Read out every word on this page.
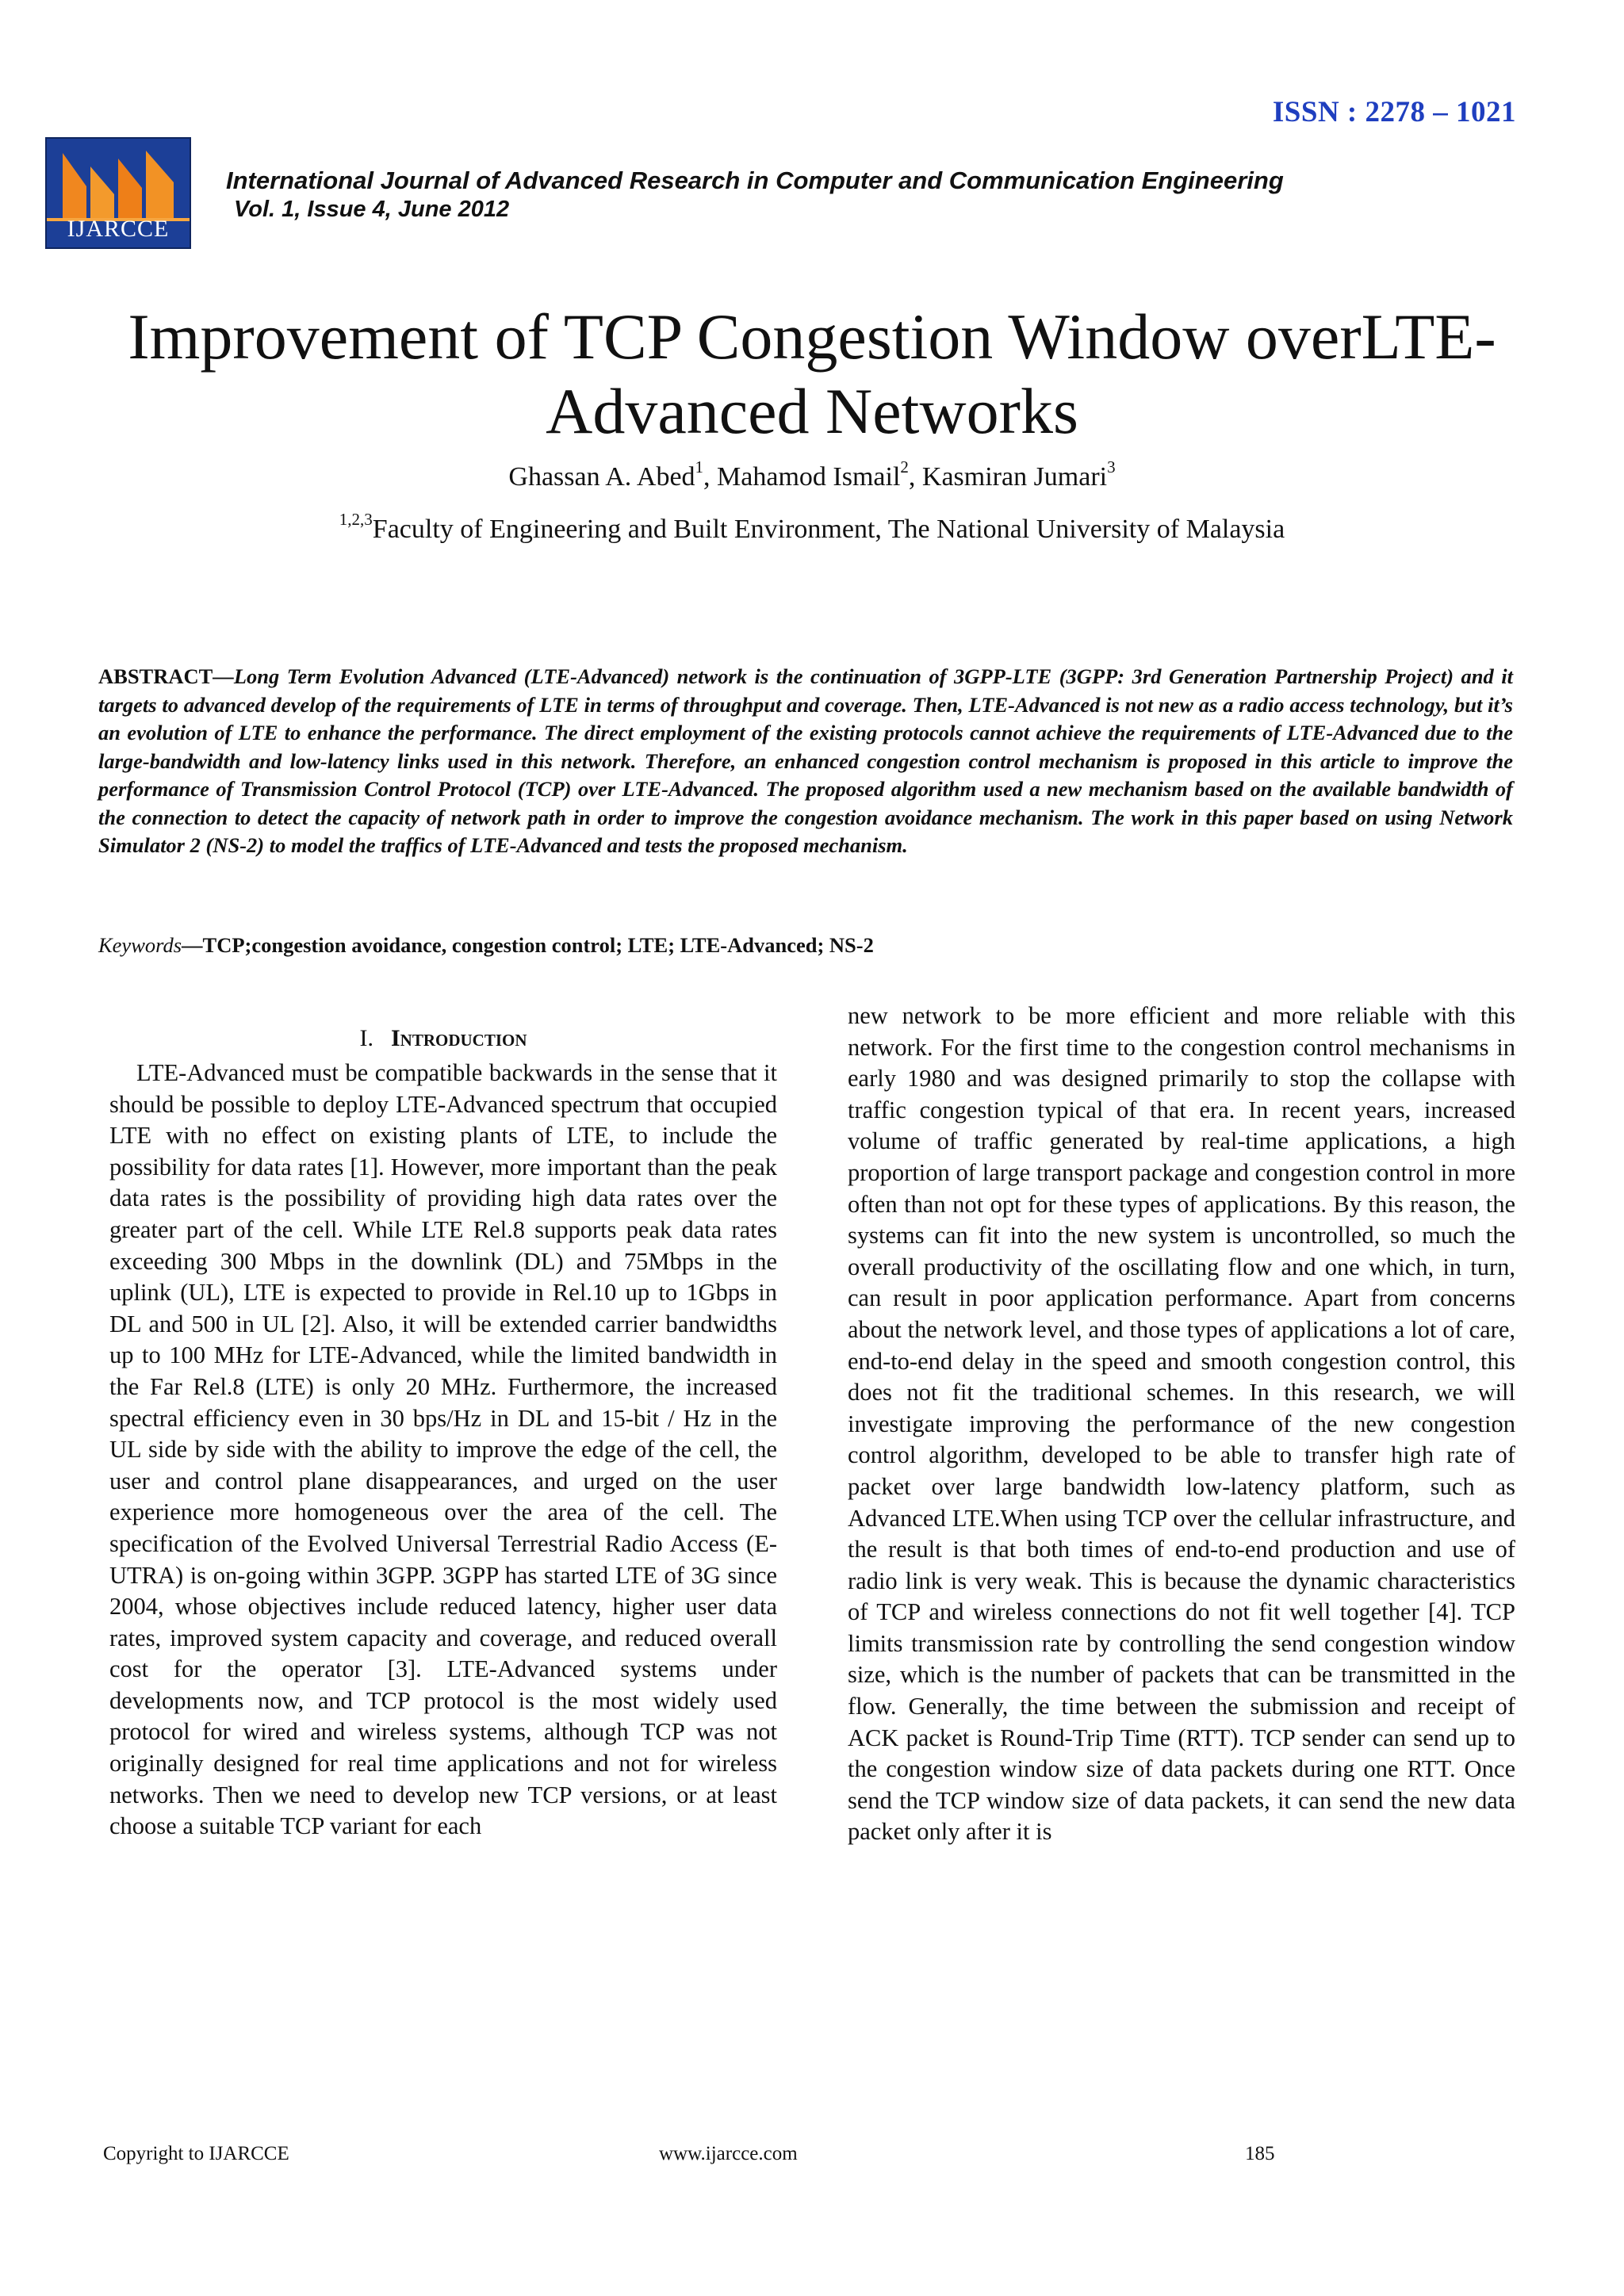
ISSN : 2278 – 1021
IJARCCE
International Journal of Advanced Research in Computer and Communication Engineering
Vol. 1, Issue 4, June 2012
Improvement of TCP Congestion Window overLTE-
Advanced Networks
Ghassan A. Abed$^1$, Mahamod Ismail$^2$, Kasmiran Jumari$^3$
$^{1,2,3}$Faculty of Engineering and Built Environment, The National University of Malaysia
ABSTRACT—Long Term Evolution Advanced (LTE-Advanced) network is the continuation of 3GPP-LTE (3GPP: 3rd Generation Partnership Project) and it targets to advanced develop of the requirements of LTE in terms of throughput and coverage. Then, LTE-Advanced is not new as a radio access technology, but it’s an evolution of LTE to enhance the performance. The direct employment of the existing protocols cannot achieve the requirements of LTE-Advanced due to the large-bandwidth and low-latency links used in this network. Therefore, an enhanced congestion control mechanism is proposed in this article to improve the performance of Transmission Control Protocol (TCP) over LTE-Advanced. The proposed algorithm used a new mechanism based on the available bandwidth of the connection to detect the capacity of network path in order to improve the congestion avoidance mechanism. The work in this paper based on using Network Simulator 2 (NS-2) to model the traffics of LTE-Advanced and tests the proposed mechanism.
Keywords—TCP;congestion avoidance, congestion control; LTE; LTE-Advanced; NS-2
I. Introduction

LTE-Advanced must be compatible backwards in the sense that it should be possible to deploy LTE-Advanced spectrum that occupied LTE with no effect on existing plants of LTE, to include the possibility for data rates [1]. However, more important than the peak data rates is the possibility of providing high data rates over the greater part of the cell. While LTE Rel.8 supports peak data rates exceeding 300 Mbps in the downlink (DL) and 75Mbps in the uplink (UL), LTE is expected to provide in Rel.10 up to 1Gbps in DL and 500 in UL [2]. Also, it will be extended carrier bandwidths up to 100 MHz for LTE-Advanced, while the limited bandwidth in the Far Rel.8 (LTE) is only 20 MHz. Furthermore, the increased spectral efficiency even in 30 bps/Hz in DL and 15-bit / Hz in the UL side by side with the ability to improve the edge of the cell, the user and control plane disappearances, and urged on the user experience more homogeneous over the area of the cell. The specification of the Evolved Universal Terrestrial Radio Access (E-UTRA) is on-going within 3GPP. 3GPP has started LTE of 3G since 2004, whose objectives include reduced latency, higher user data rates, improved system capacity and coverage, and reduced overall cost for the operator [3]. LTE-Advanced systems under developments now, and TCP protocol is the most widely used protocol for wired and wireless systems, although TCP was not originally designed for real time applications and not for wireless networks. Then we need to develop new TCP versions, or at least choose a suitable TCP variant for each

new network to be more efficient and more reliable with this network. For the first time to the congestion control mechanisms in early 1980 and was designed primarily to stop the collapse with traffic congestion typical of that era. In recent years, increased volume of traffic generated by real-time applications, a high proportion of large transport package and congestion control in more often than not opt for these types of applications. By this reason, the systems can fit into the new system is uncontrolled, so much the overall productivity of the oscillating flow and one which, in turn, can result in poor application performance. Apart from concerns about the network level, and those types of applications a lot of care, end-to-end delay in the speed and smooth congestion control, this does not fit the traditional schemes. In this research, we will investigate improving the performance of the new congestion control algorithm, developed to be able to transfer high rate of packet over large bandwidth low-latency platform, such as Advanced LTE.When using TCP over the cellular infrastructure, and the result is that both times of end-to-end production and use of radio link is very weak. This is because the dynamic characteristics of TCP and wireless connections do not fit well together [4]. TCP limits transmission rate by controlling the send congestion window size, which is the number of packets that can be transmitted in the flow. Generally, the time between the submission and receipt of ACK packet is Round-Trip Time (RTT). TCP sender can send up to the congestion window size of data packets during one RTT. Once send the TCP window size of data packets, it can send the new data packet only after it is

Copyright to IJARCCE	www.ijarcce.com	185
